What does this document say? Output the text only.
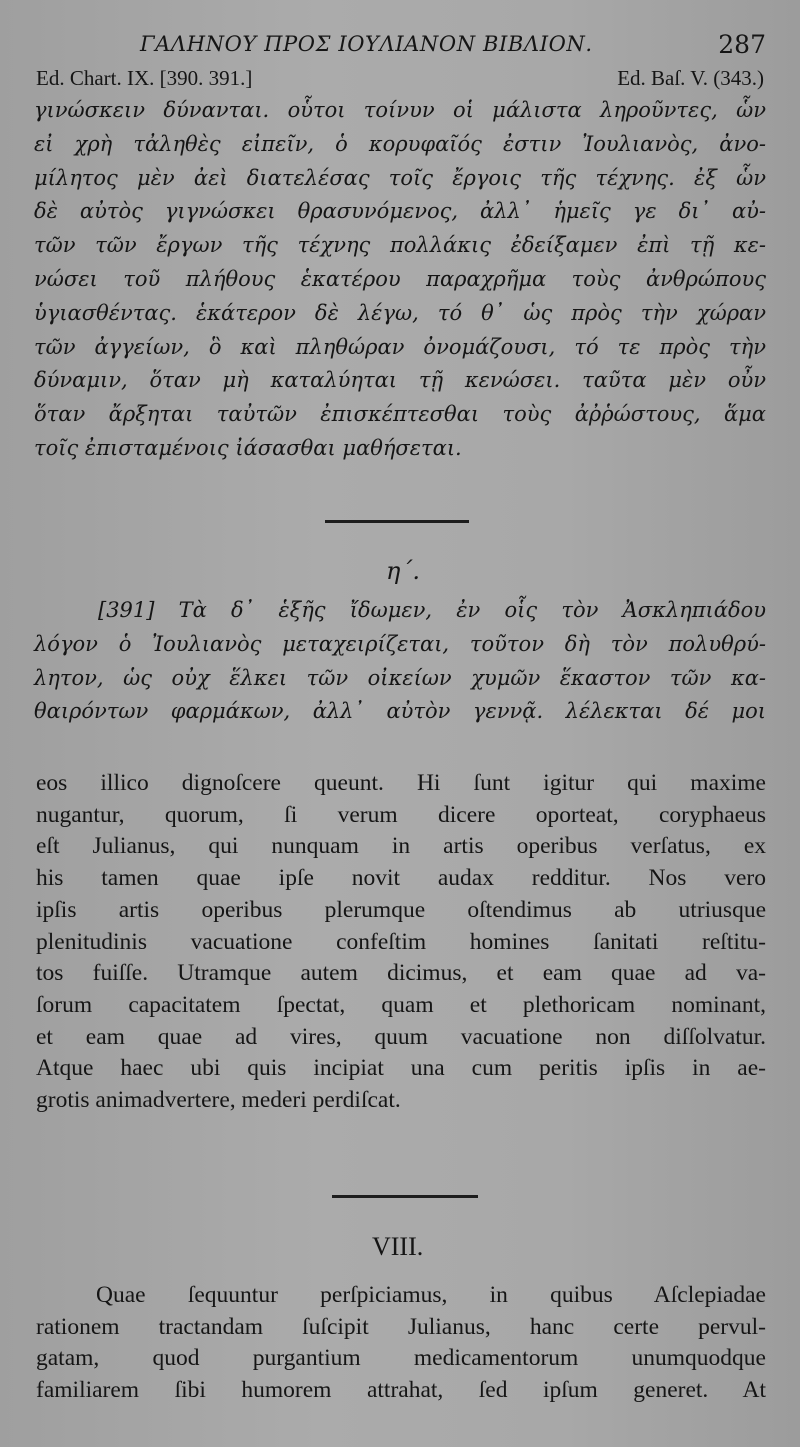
ΓΑΛΗΝΟΥ ΠΡΟΣ ΙΟΥΛΙΑΝΟΝ ΒΙΒΛΙΟΝ.	287
Ed. Chart. IX. [390. 391.]	Ed. Baſ. V. (343.)
γινώσκειν δύνανται. οὗτοι τοίνυν οἱ μάλιστα ληροῦντες, ὧν
εἰ χρὴ τἀληθὲς εἰπεῖν, ὁ κορυφαῖός ἐστιν Ἰουλιανὸς, ἀνο-
μίλητος μὲν ἀεὶ διατελέσας τοῖς ἔργοις τῆς τέχνης. ἐξ ὧν
δὲ αὐτὸς γιγνώσκει θρασυνόμενος, ἀλλ᾽ ἡμεῖς γε δι᾽ αὐ-
τῶν τῶν ἔργων τῆς τέχνης πολλάκις ἐδείξαμεν ἐπὶ τῇ κε-
νώσει τοῦ πλήθους ἑκατέρου παραχρῆμα τοὺς ἀνθρώπους
ὑγιασθέντας. ἑκάτερον δὲ λέγω, τό θ᾽ ὡς πρὸς τὴν χώραν
τῶν ἀγγείων, ὃ καὶ πληθώραν ὀνομάζουσι, τό τε πρὸς τὴν
δύναμιν, ὅταν μὴ καταλύηται τῇ κενώσει. ταῦτα μὲν οὖν
ὅταν ἄρξηται ταὐτῶν ἐπισκέπτεσθαι τοὺς ἀῤῥώστους, ἅμα
τοῖς ἐπισταμένοις ἰάσασθαι μαθήσεται.
η΄.
[391] Τὰ δ᾽ ἑξῆς ἴδωμεν, ἐν οἷς τὸν Ἀσκληπιάδου
λόγον ὁ Ἰουλιανὸς μεταχειρίζεται, τοῦτον δὴ τὸν πολυθρύ-
λητον, ὡς οὐχ ἕλκει τῶν οἰκείων χυμῶν ἕκαστον τῶν κα-
θαιρόντων φαρμάκων, ἀλλ᾽ αὐτὸν γεννᾷ. λέλεκται δέ μοι
eos illico dignoſcere queunt. Hi ſunt igitur qui maxime
nugantur, quorum, ſi verum dicere oporteat, coryphaeus
eſt Julianus, qui nunquam in artis operibus verſatus, ex
his tamen quae ipſe novit audax redditur. Nos vero
ipſis artis operibus plerumque oſtendimus ab utriusque
plenitudinis vacuatione confeſtim homines ſanitati reſtitu-
tos fuiſſe. Utramque autem dicimus, et eam quae ad va-
ſorum capacitatem ſpectat, quam et plethoricam nominant,
et eam quae ad vires, quum vacuatione non diſſolvatur.
Atque haec ubi quis incipiat una cum peritis ipſis in ae-
grotis animadvertere, mederi perdiſcat.
VIII.
Quae ſequuntur perſpiciamus, in quibus Aſclepiadae
rationem tractandam ſuſcipit Julianus, hanc certe pervul-
gatam, quod purgantium medicamentorum unumquodque
familiarem ſibi humorem attrahat, ſed ipſum generet. At
